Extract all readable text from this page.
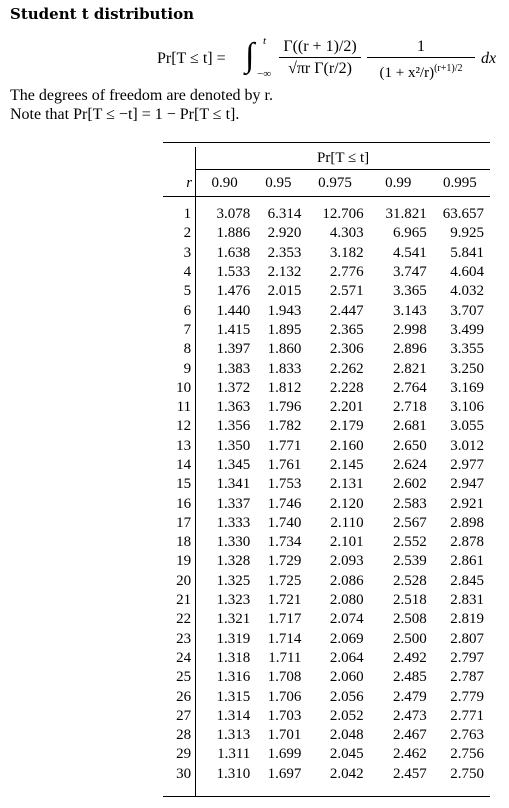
Student t distribution
Pr[T ≤ t] = ∫ t
−∞
Γ((r + 1)/2)
√πr Γ(r/2)
1
$(1 + x^2/r)^{(r+1)/2}$
dx
The degrees of freedom are denoted by r.
Note that Pr[T ≤ −t] = 1 − Pr[T ≤ t].

	Pr[T ≤ t]				

r	0.90	0.95	0.975	0.99	0.995

1	3.078	6.314	12.706	31.821	63.657
2	1.886	2.920	4.303	6.965	9.925
3	1.638	2.353	3.182	4.541	5.841
4	1.533	2.132	2.776	3.747	4.604
5	1.476	2.015	2.571	3.365	4.032
6	1.440	1.943	2.447	3.143	3.707
7	1.415	1.895	2.365	2.998	3.499
8	1.397	1.860	2.306	2.896	3.355
9	1.383	1.833	2.262	2.821	3.250
10	1.372	1.812	2.228	2.764	3.169
11	1.363	1.796	2.201	2.718	3.106
12	1.356	1.782	2.179	2.681	3.055
13	1.350	1.771	2.160	2.650	3.012
14	1.345	1.761	2.145	2.624	2.977
15	1.341	1.753	2.131	2.602	2.947
16	1.337	1.746	2.120	2.583	2.921
17	1.333	1.740	2.110	2.567	2.898
18	1.330	1.734	2.101	2.552	2.878
19	1.328	1.729	2.093	2.539	2.861
20	1.325	1.725	2.086	2.528	2.845
21	1.323	1.721	2.080	2.518	2.831
22	1.321	1.717	2.074	2.508	2.819
23	1.319	1.714	2.069	2.500	2.807
24	1.318	1.711	2.064	2.492	2.797
25	1.316	1.708	2.060	2.485	2.787
26	1.315	1.706	2.056	2.479	2.779
27	1.314	1.703	2.052	2.473	2.771
28	1.313	1.701	2.048	2.467	2.763
29	1.311	1.699	2.045	2.462	2.756
30	1.310	1.697	2.042	2.457	2.750
